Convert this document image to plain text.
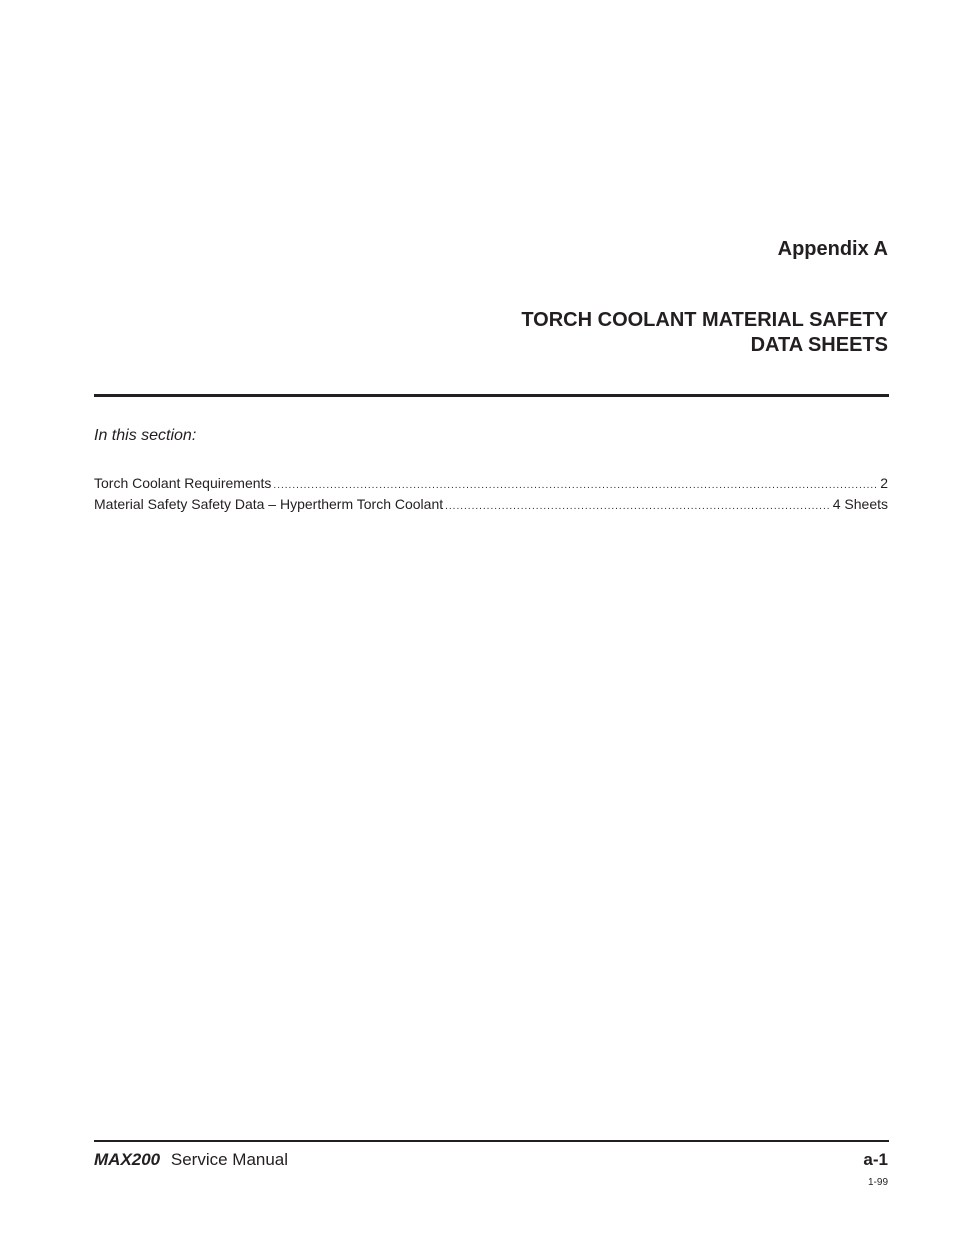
Appendix A
TORCH COOLANT MATERIAL SAFETY
DATA SHEETS

In this section:

Torch Coolant Requirements .....	2
Material Safety Safety Data – Hypertherm Torch Coolant .....	4 Sheets

MAX200 Service Manual	a-1

1-99
